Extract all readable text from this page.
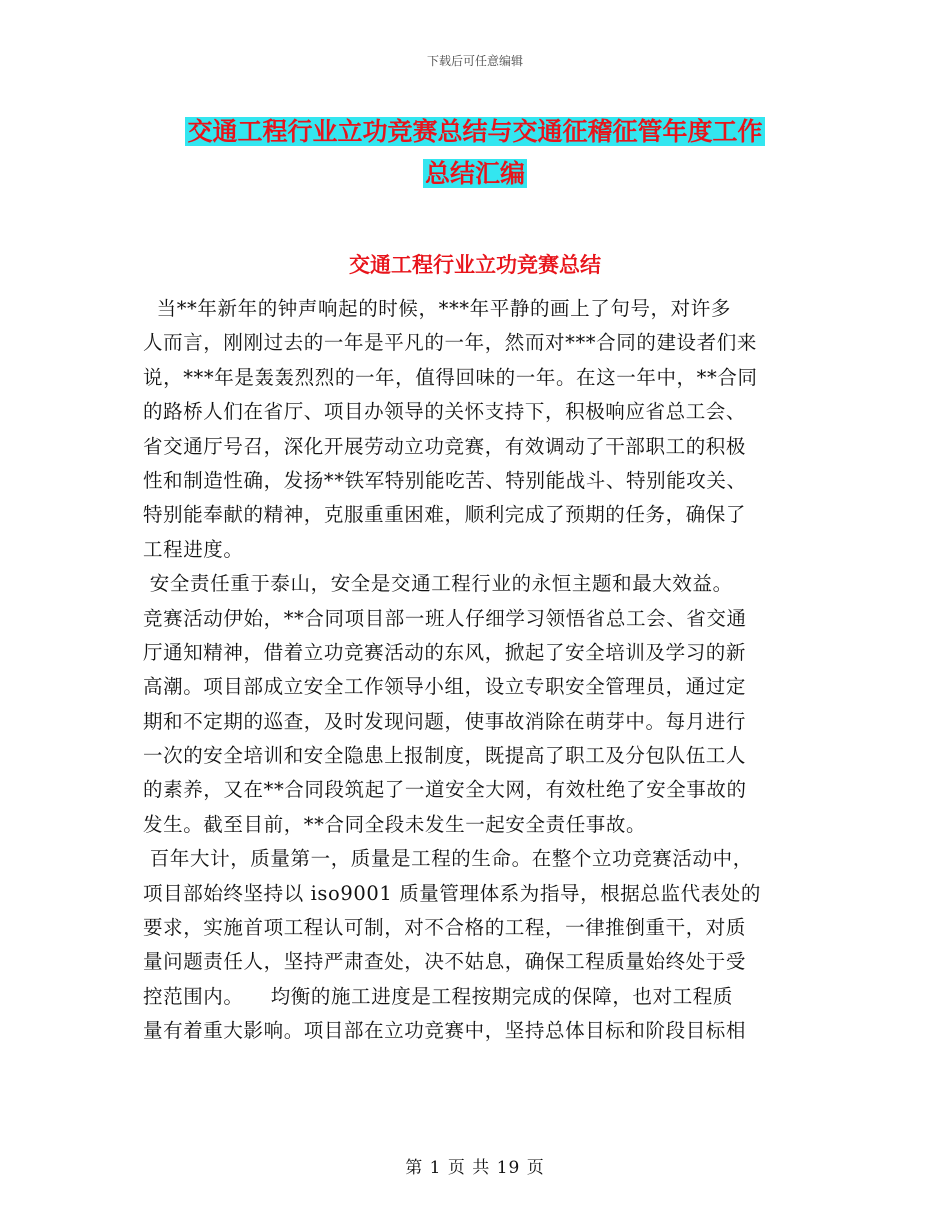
下载后可任意编辑
交通工程行业立功竞赛总结与交通征稽征管年度工作
总结汇编
交通工程行业立功竞赛总结
当**年新年的钟声响起的时候，***年平静的画上了句号，对许多
人而言，刚刚过去的一年是平凡的一年，然而对***合同的建设者们来
说，***年是轰轰烈烈的一年，值得回味的一年。在这一年中，**合同
的路桥人们在省厅、项目办领导的关怀支持下，积极响应省总工会、
省交通厅号召，深化开展劳动立功竞赛，有效调动了干部职工的积极
性和制造性确，发扬**铁军特别能吃苦、特别能战斗、特别能攻关、
特别能奉献的精神，克服重重困难，顺利完成了预期的任务，确保了
工程进度。
安全责任重于泰山，安全是交通工程行业的永恒主题和最大效益。
竞赛活动伊始，**合同项目部一班人仔细学习领悟省总工会、省交通
厅通知精神，借着立功竞赛活动的东风，掀起了安全培训及学习的新
高潮。项目部成立安全工作领导小组，设立专职安全管理员，通过定
期和不定期的巡查，及时发现问题，使事故消除在萌芽中。每月进行
一次的安全培训和安全隐患上报制度，既提高了职工及分包队伍工人
的素养，又在**合同段筑起了一道安全大网，有效杜绝了安全事故的
发生。截至目前，**合同全段未发生一起安全责任事故。
百年大计，质量第一，质量是工程的生命。在整个立功竞赛活动中，
项目部始终坚持以 iso9001 质量管理体系为指导，根据总监代表处的
要求，实施首项工程认可制，对不合格的工程，一律推倒重干，对质
量问题责任人，坚持严肃查处，决不姑息，确保工程质量始终处于受
控范围内。    均衡的施工进度是工程按期完成的保障，也对工程质
量有着重大影响。项目部在立功竞赛中，坚持总体目标和阶段目标相
第 1 页 共 19 页
